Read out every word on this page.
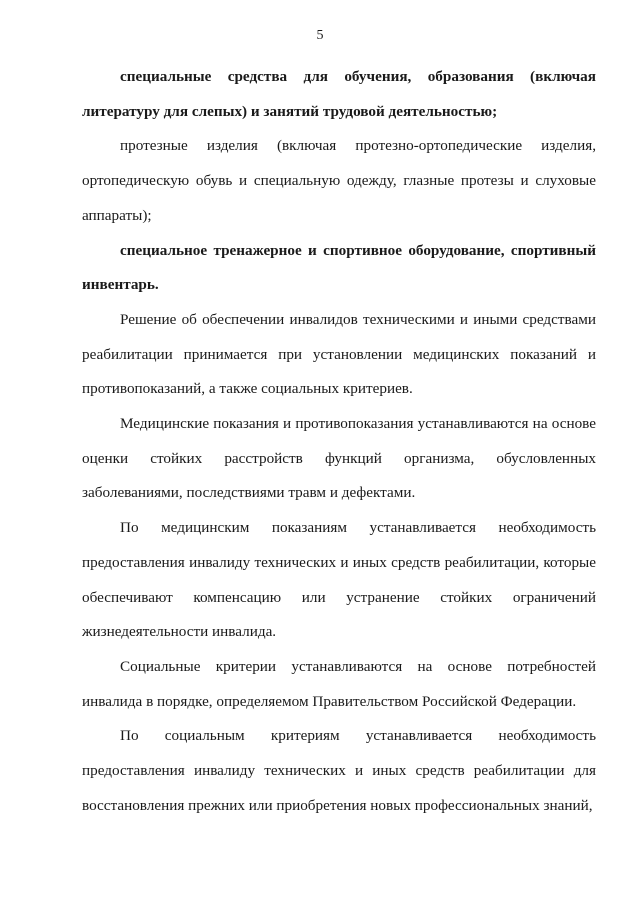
5

специальные средства для обучения, образования (включая литературу для слепых) и занятий трудовой деятельностью;

протезные изделия (включая протезно-ортопедические изделия, ортопедическую обувь и специальную одежду, глазные протезы и слуховые аппараты);

специальное тренажерное и спортивное оборудование, спортивный инвентарь.

Решение об обеспечении инвалидов техническими и иными средствами реабилитации принимается при установлении медицинских показаний и противопоказаний, а также социальных критериев.

Медицинские показания и противопоказания устанавливаются на основе оценки стойких расстройств функций организма, обусловленных заболеваниями, последствиями травм и дефектами.

По медицинским показаниям устанавливается необходимость предоставления инвалиду технических и иных средств реабилитации, которые обеспечивают компенсацию или устранение стойких ограничений жизнедеятельности инвалида.

Социальные критерии устанавливаются на основе потребностей инвалида в порядке, определяемом Правительством Российской Федерации.

По социальным критериям устанавливается необходимость предоставления инвалиду технических и иных средств реабилитации для восстановления прежних или приобретения новых профессиональных знаний,
